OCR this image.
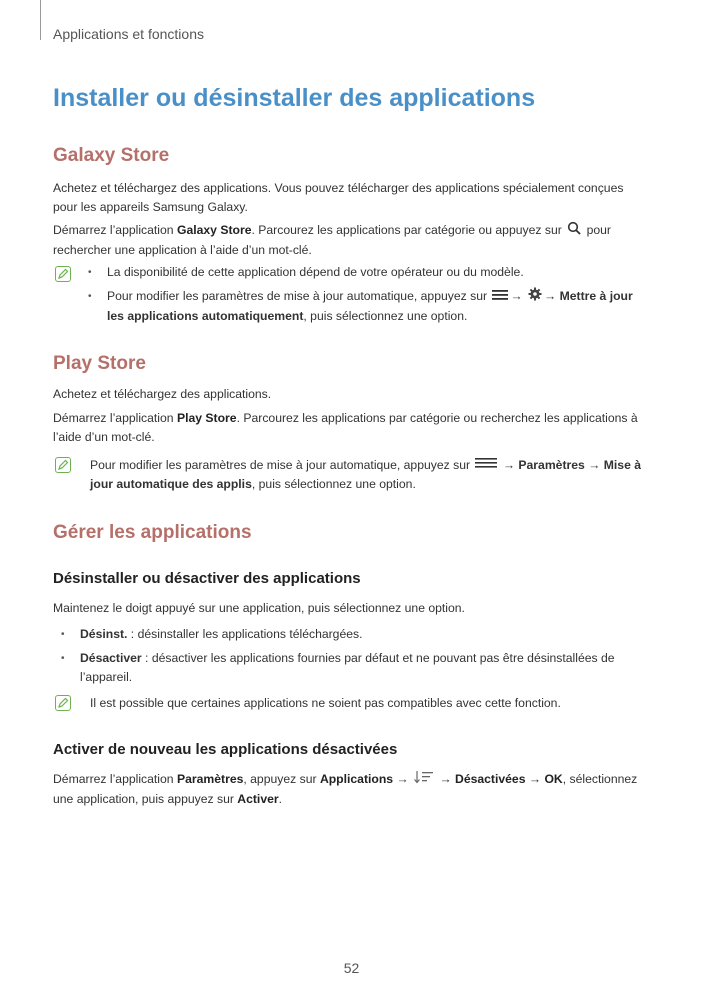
Applications et fonctions
Installer ou désinstaller des applications
Galaxy Store
Achetez et téléchargez des applications. Vous pouvez télécharger des applications spécialement conçues pour les appareils Samsung Galaxy.
Démarrez l’application Galaxy Store. Parcourez les applications par catégorie ou appuyez sur pour rechercher une application à l’aide d’un mot-clé.
• La disponibilité de cette application dépend de votre opérateur ou du modèle.
• Pour modifier les paramètres de mise à jour automatique, appuyez sur → → Mettre à jour les applications automatiquement, puis sélectionnez une option.
Play Store
Achetez et téléchargez des applications.
Démarrez l’application Play Store. Parcourez les applications par catégorie ou recherchez les applications à l’aide d’un mot-clé.
Pour modifier les paramètres de mise à jour automatique, appuyez sur	→ Paramètres → Mise à jour automatique des applis, puis sélectionnez une option.
Gérer les applications
Désinstaller ou désactiver des applications
Maintenez le doigt appuyé sur une application, puis sélectionnez une option.
• Désinst. : désinstaller les applications téléchargées.
• Désactiver : désactiver les applications fournies par défaut et ne pouvant pas être désinstallées de l’appareil.
Il est possible que certaines applications ne soient pas compatibles avec cette fonction.
Activer de nouveau les applications désactivées
Démarrez l’application Paramètres, appuyez sur Applications →	→ Désactivées → OK, sélectionnez une application, puis appuyez sur Activer.
52
